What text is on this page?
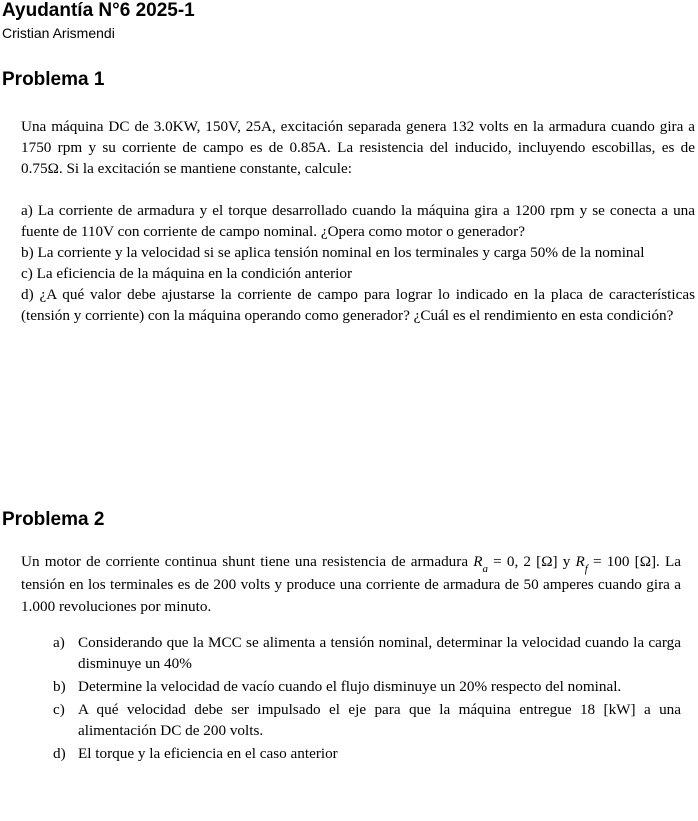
Ayudantía N°6 2025-1
Cristian Arismendi
Problema 1

Una máquina DC de 3.0KW, 150V, 25A, excitación separada genera 132 volts en la armadura cuando gira a 1750 rpm y su corriente de campo es de 0.85A. La resistencia del inducido, incluyendo escobillas, es de 0.75Ω. Si la excitación se mantiene constante, calcule:

a) La corriente de armadura y el torque desarrollado cuando la máquina gira a 1200 rpm y se conecta a una fuente de 110V con corriente de campo nominal. ¿Opera como motor o generador?

b) La corriente y la velocidad si se aplica tensión nominal en los terminales y carga 50% de la nominal

c) La eficiencia de la máquina en la condición anterior

d) ¿A qué valor debe ajustarse la corriente de campo para lograr lo indicado en la placa de características (tensión y corriente) con la máquina operando como generador? ¿Cuál es el rendimiento en esta condición?

Problema 2

Un motor de corriente continua shunt tiene una resistencia de armadura $R_a = 0$, 2 [Ω] y $R_f = 100$ [Ω]. La tensión en los terminales es de 200 volts y produce una corriente de armadura de 50 amperes cuando gira a 1.000 revoluciones por minuto.

a) Considerando que la MCC se alimenta a tensión nominal, determinar la velocidad cuando la carga disminuye un 40%
b) Determine la velocidad de vacío cuando el flujo disminuye un 20% respecto del nominal.
c) A qué velocidad debe ser impulsado el eje para que la máquina entregue 18 [kW] a una alimentación DC de 200 volts.
d) El torque y la eficiencia en el caso anterior
